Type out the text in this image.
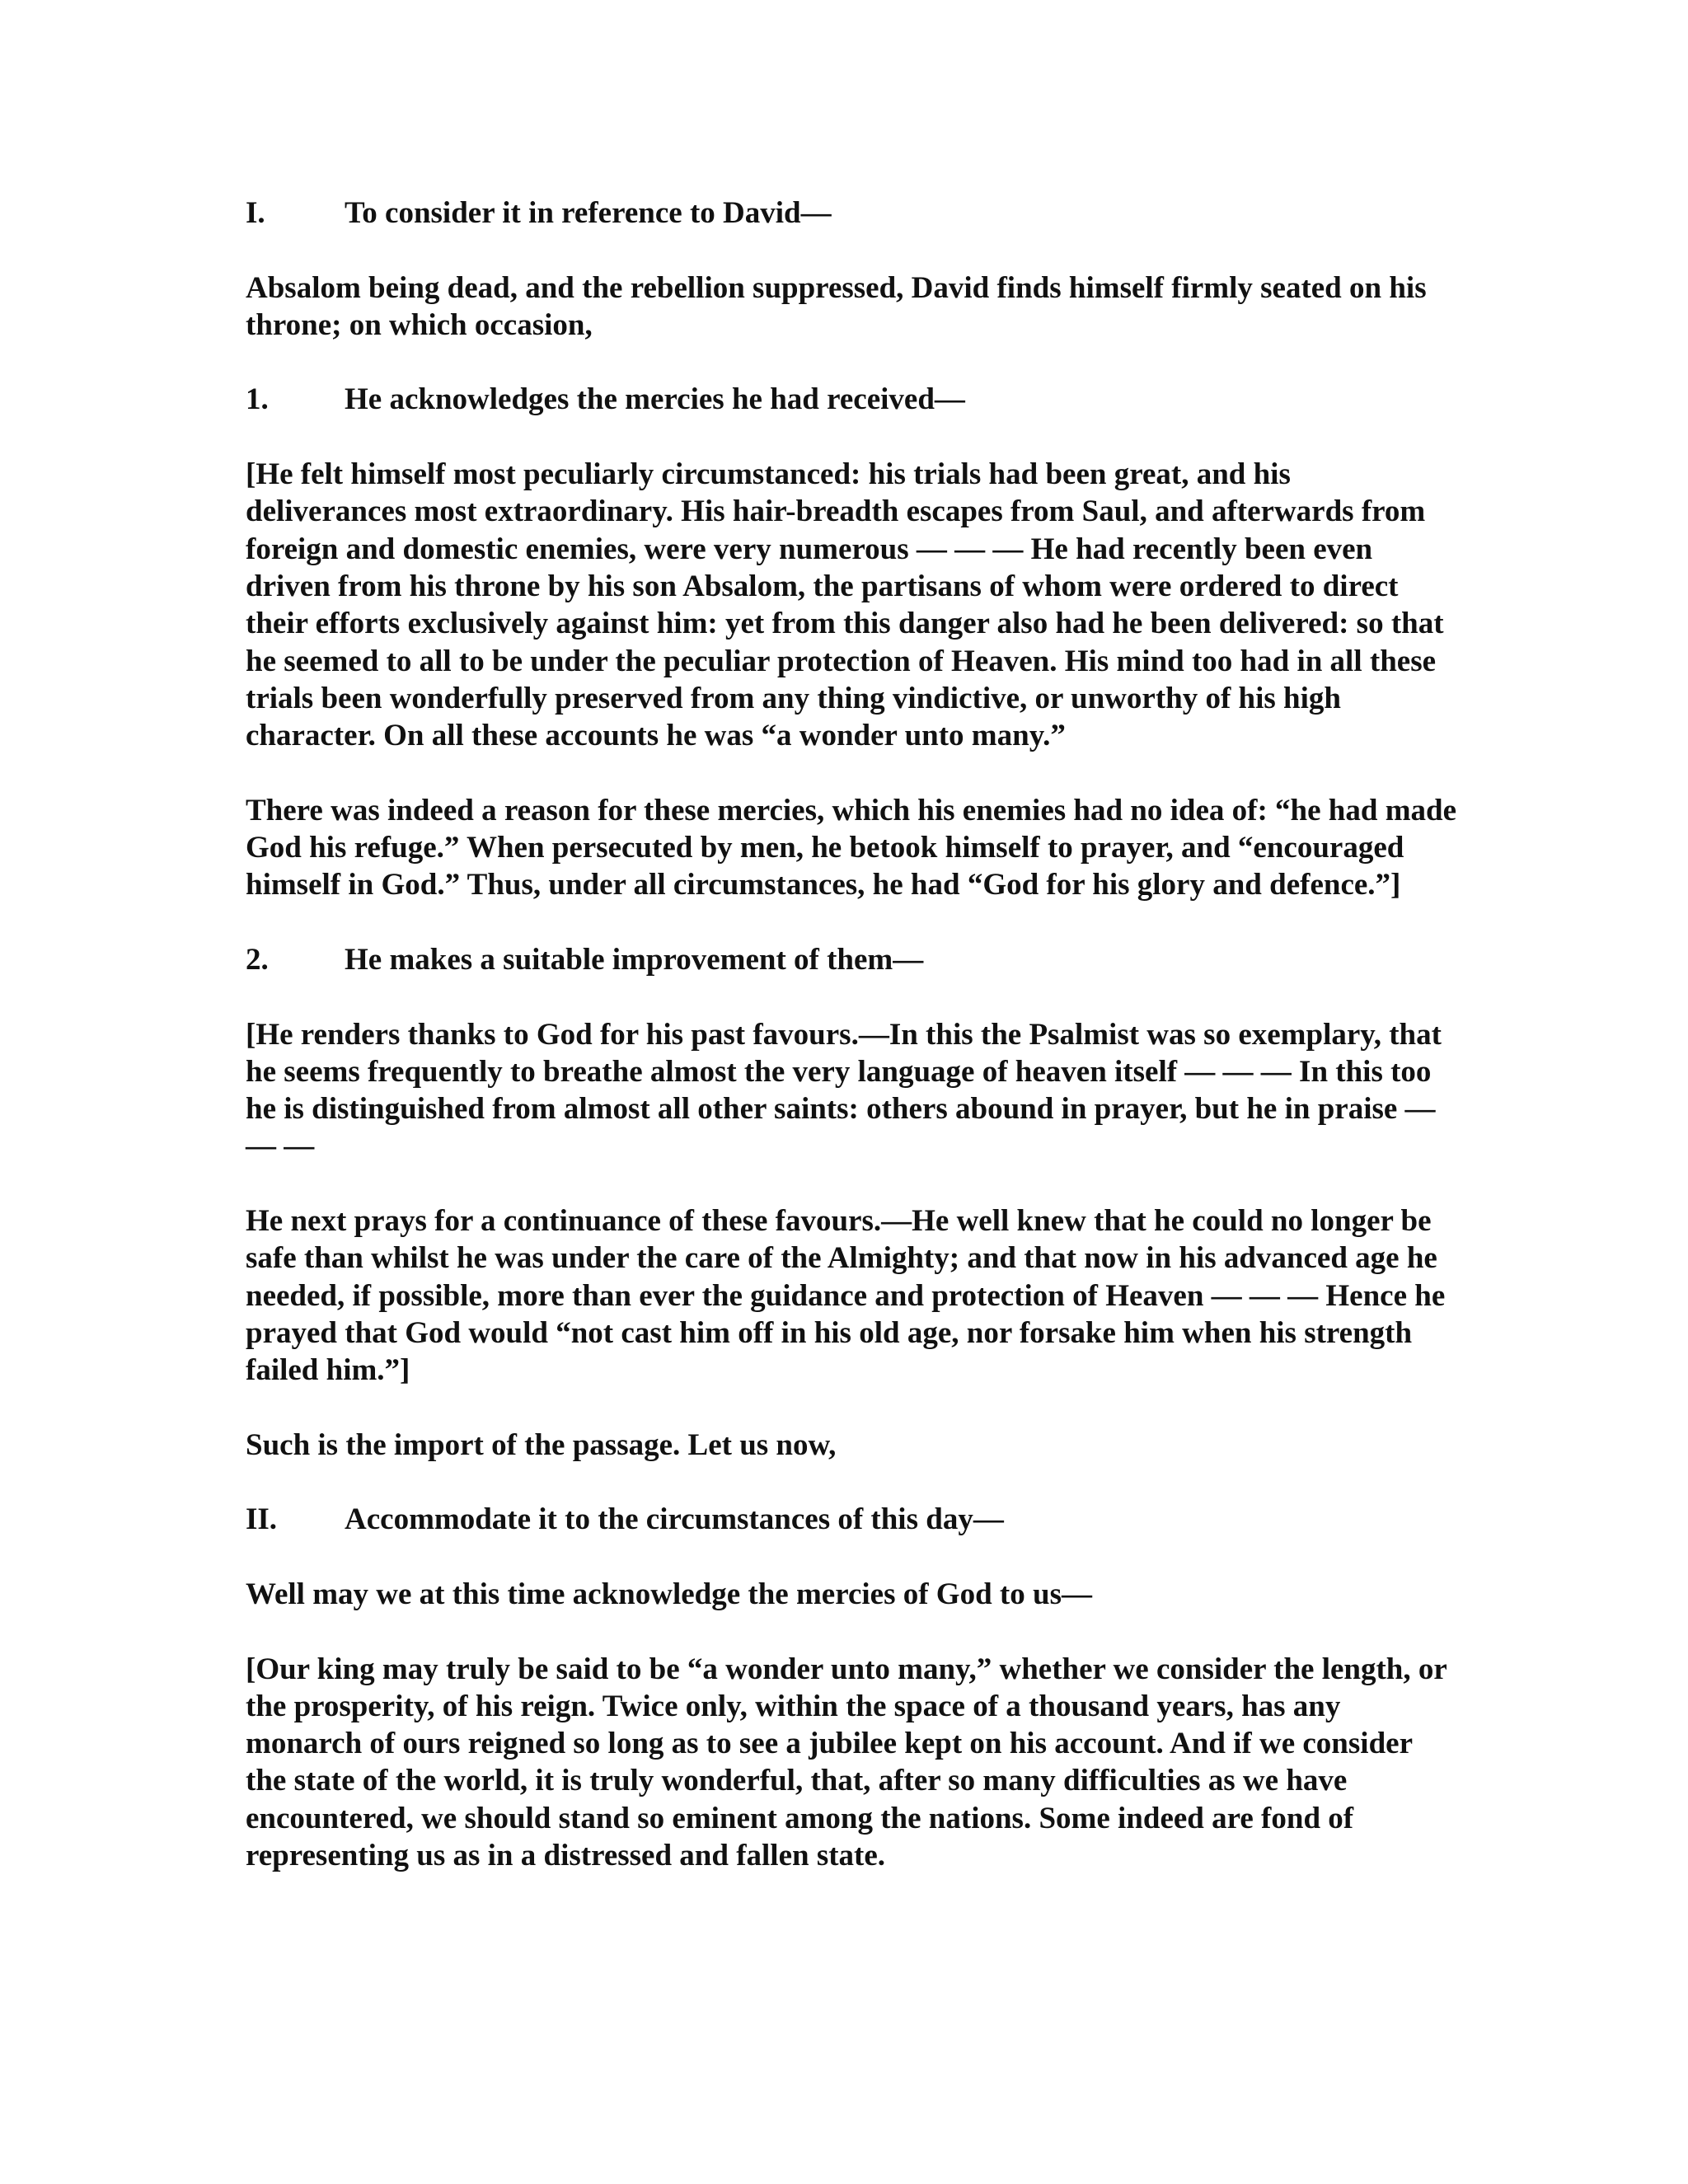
I.	To consider it in reference to David—
Absalom being dead, and the rebellion suppressed, David finds himself firmly seated on his throne; on which occasion,
1.	He acknowledges the mercies he had received—
[He felt himself most peculiarly circumstanced: his trials had been great, and his deliverances most extraordinary. His hair-breadth escapes from Saul, and afterwards from foreign and domestic enemies, were very numerous — — — He had recently been even driven from his throne by his son Absalom, the partisans of whom were ordered to direct their efforts exclusively against him: yet from this danger also had he been delivered: so that he seemed to all to be under the peculiar protection of Heaven. His mind too had in all these trials been wonderfully preserved from any thing vindictive, or unworthy of his high character. On all these accounts he was “a wonder unto many.”
There was indeed a reason for these mercies, which his enemies had no idea of: “he had made God his refuge.” When persecuted by men, he betook himself to prayer, and “encouraged himself in God.” Thus, under all circumstances, he had “God for his glory and defence.”]
2.	He makes a suitable improvement of them—
[He renders thanks to God for his past favours.—In this the Psalmist was so exemplary, that he seems frequently to breathe almost the very language of heaven itself — — — In this too he is distinguished from almost all other saints: others abound in prayer, but he in praise — — —
He next prays for a continuance of these favours.—He well knew that he could no longer be safe than whilst he was under the care of the Almighty; and that now in his advanced age he needed, if possible, more than ever the guidance and protection of Heaven — — — Hence he prayed that God would “not cast him off in his old age, nor forsake him when his strength failed him.”]
Such is the import of the passage. Let us now,
II.	Accommodate it to the circumstances of this day—
Well may we at this time acknowledge the mercies of God to us—
[Our king may truly be said to be “a wonder unto many,” whether we consider the length, or the prosperity, of his reign. Twice only, within the space of a thousand years, has any monarch of ours reigned so long as to see a jubilee kept on his account. And if we consider the state of the world, it is truly wonderful, that, after so many difficulties as we have encountered, we should stand so eminent among the nations. Some indeed are fond of representing us as in a distressed and fallen state.
